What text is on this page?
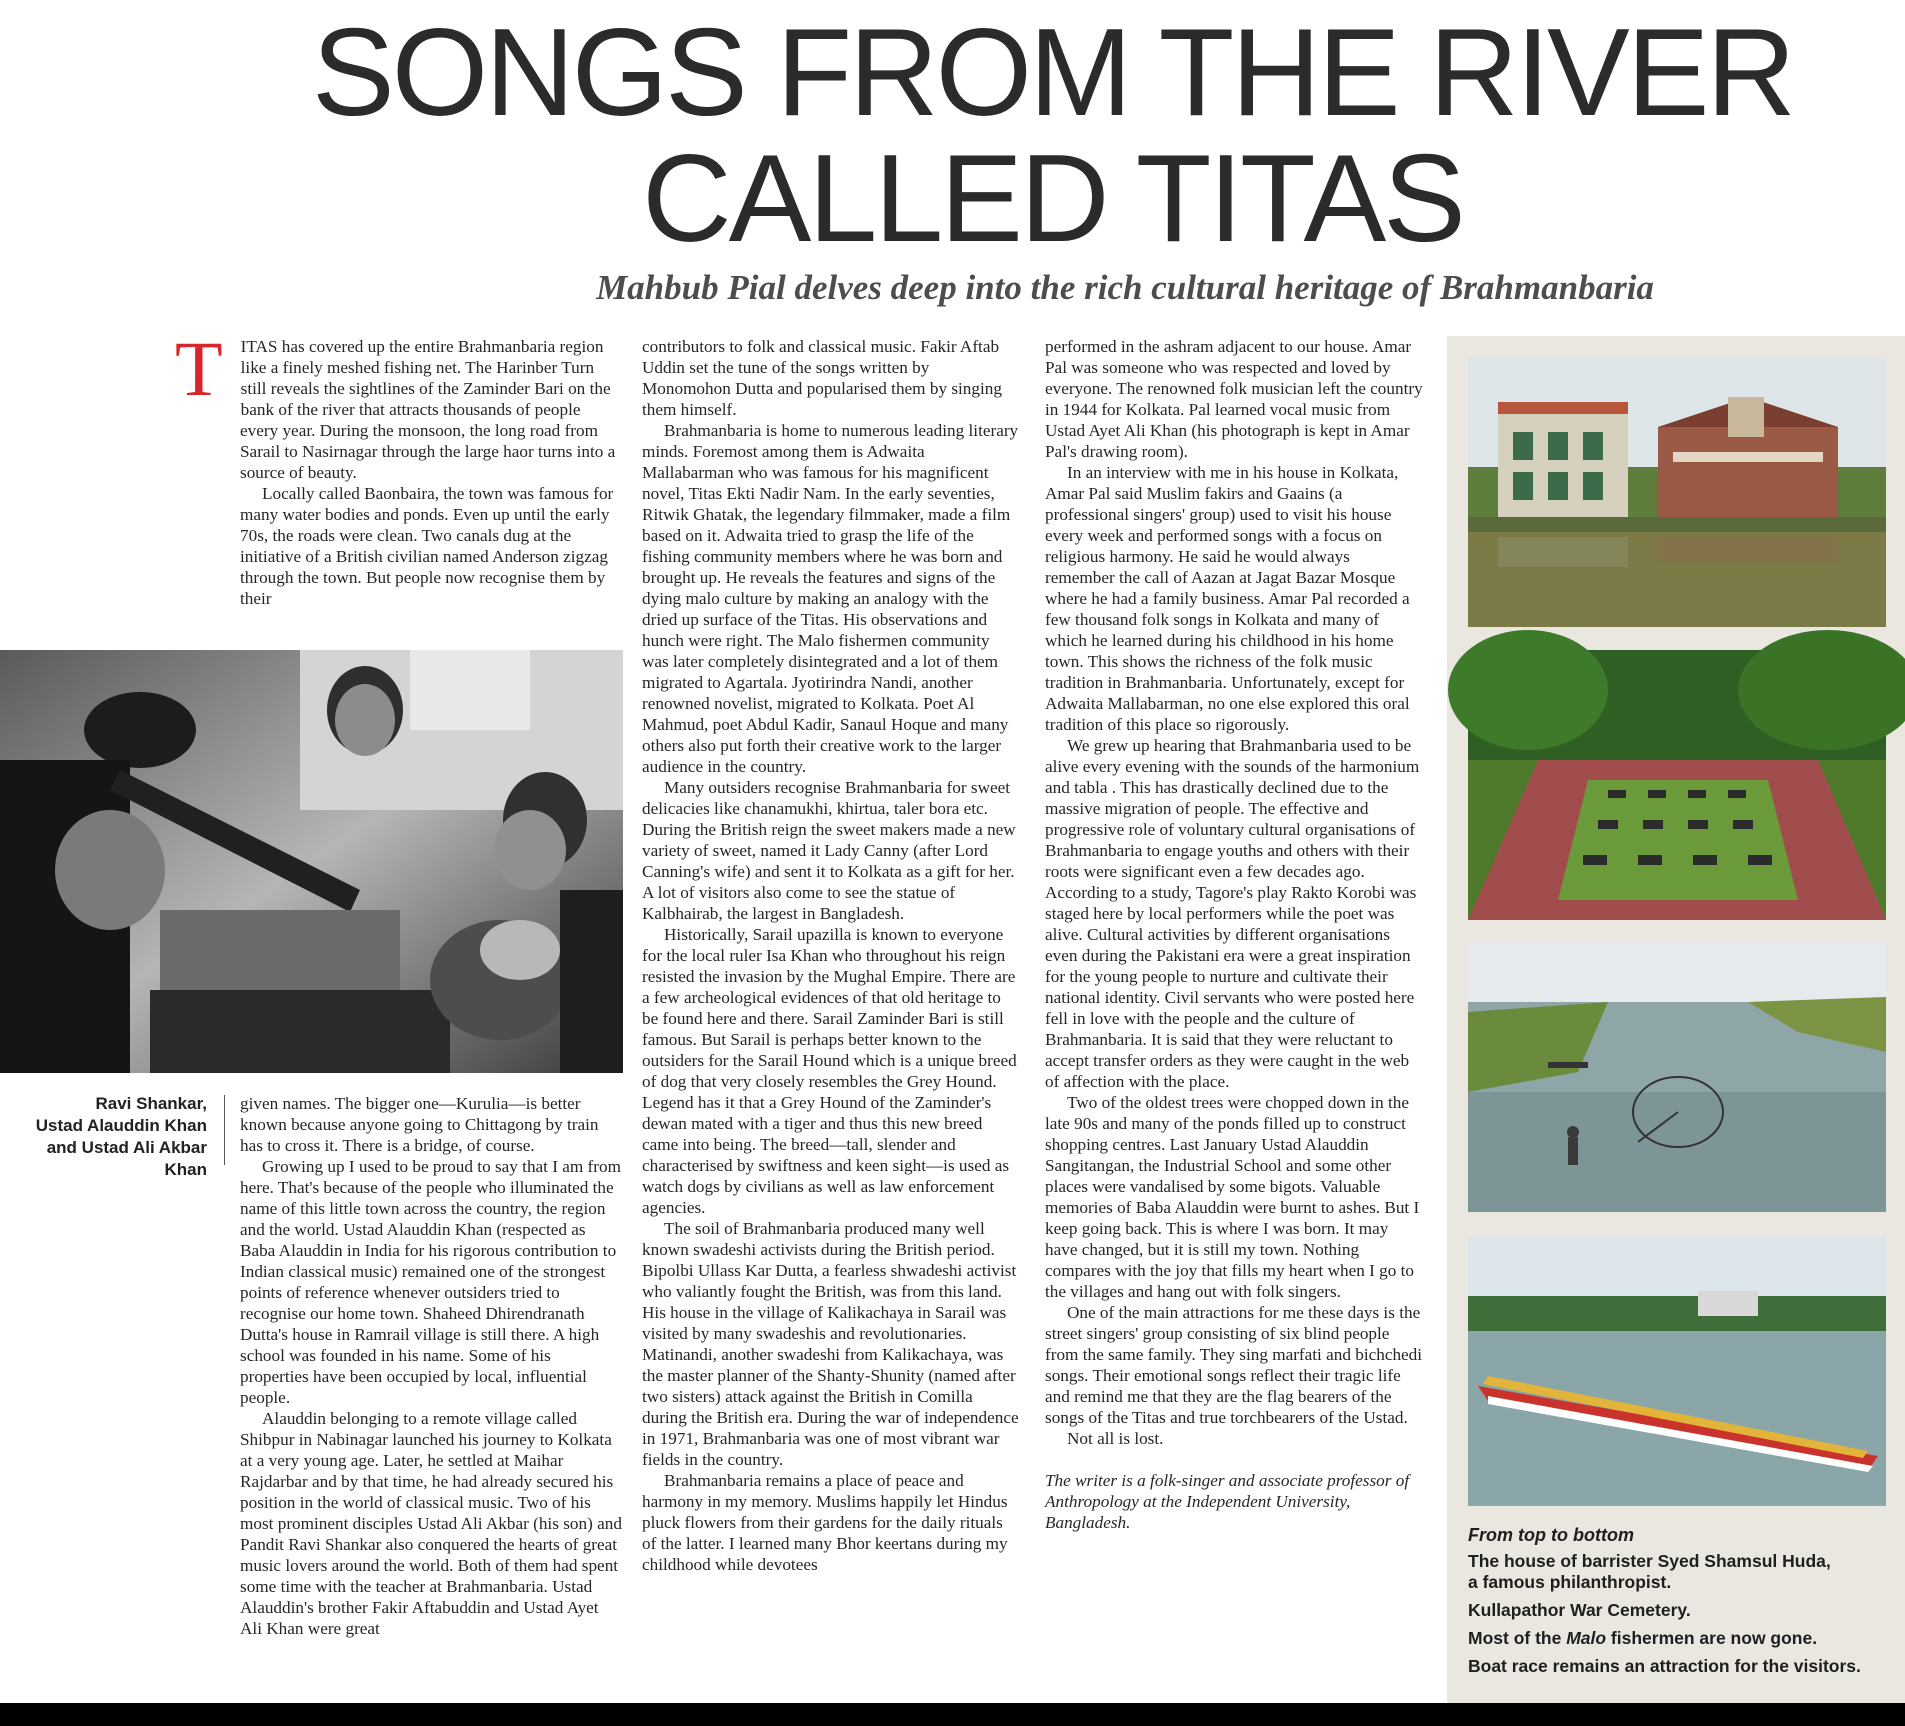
SONGS FROM THE RIVER
CALLED TITAS
Mahbub Pial delves deep into the rich cultural heritage of Brahmanbaria

T ITAS has covered up the entire Brahmanbaria region like a finely meshed fishing net. The Harinber Turn still reveals the sightlines of the Zaminder Bari on the bank of the river that attracts thousands of people every year. During the monsoon, the long road from Sarail to Nasirnagar through the large haor turns into a source of beauty.

Locally called Baonbaira, the town was famous for many water bodies and ponds. Even up until the early 70s, the roads were clean. Two canals dug at the initiative of a British civilian named Anderson zigzag through the town. But people now recognise them by their

Ravi Shankar,
Ustad Alauddin Khan
and Ustad Ali Akbar Khan

given names. The bigger one—Kurulia—is better known because anyone going to Chittagong by train has to cross it. There is a bridge, of course.

Growing up I used to be proud to say that I am from here. That's because of the people who illuminated the name of this little town across the country, the region and the world. Ustad Alauddin Khan (respected as Baba Alauddin in India for his rigorous contribution to Indian classical music) remained one of the strongest points of reference whenever outsiders tried to recognise our home town. Shaheed Dhirendranath Dutta's house in Ramrail village is still there. A high school was founded in his name. Some of his properties have been occupied by local, influential people.

Alauddin belonging to a remote village called Shibpur in Nabinagar launched his journey to Kolkata at a very young age. Later, he settled at Maihar Rajdarbar and by that time, he had already secured his position in the world of classical music. Two of his most prominent disciples Ustad Ali Akbar (his son) and Pandit Ravi Shankar also conquered the hearts of great music lovers around the world. Both of them had spent some time with the teacher at Brahmanbaria. Ustad Alauddin's brother Fakir Aftabuddin and Ustad Ayet Ali Khan were great

contributors to folk and classical music. Fakir Aftab Uddin set the tune of the songs written by Monomohon Dutta and popularised them by singing them himself.

Brahmanbaria is home to numerous leading literary minds. Foremost among them is Adwaita Mallabarman who was famous for his magnificent novel, Titas Ekti Nadir Nam. In the early seventies, Ritwik Ghatak, the legendary filmmaker, made a film based on it. Adwaita tried to grasp the life of the fishing community members where he was born and brought up. He reveals the features and signs of the dying malo culture by making an analogy with the dried up surface of the Titas. His observations and hunch were right. The Malo fishermen community was later completely disintegrated and a lot of them migrated to Agartala. Jyotirindra Nandi, another renowned novelist, migrated to Kolkata. Poet Al Mahmud, poet Abdul Kadir, Sanaul Hoque and many others also put forth their creative work to the larger audience in the country.

Many outsiders recognise Brahmanbaria for sweet delicacies like chanamukhi, khirtua, taler bora etc. During the British reign the sweet makers made a new variety of sweet, named it Lady Canny (after Lord Canning's wife) and sent it to Kolkata as a gift for her. A lot of visitors also come to see the statue of Kalbhairab, the largest in Bangladesh.

Historically, Sarail upazilla is known to everyone for the local ruler Isa Khan who throughout his reign resisted the invasion by the Mughal Empire. There are a few archeological evidences of that old heritage to be found here and there. Sarail Zaminder Bari is still famous. But Sarail is perhaps better known to the outsiders for the Sarail Hound which is a unique breed of dog that very closely resembles the Grey Hound. Legend has it that a Grey Hound of the Zaminder's dewan mated with a tiger and thus this new breed came into being. The breed—tall, slender and characterised by swiftness and keen sight—is used as watch dogs by civilians as well as law enforcement agencies.

The soil of Brahmanbaria produced many well known swadeshi activists during the British period. Bipolbi Ullass Kar Dutta, a fearless shwadeshi activist who valiantly fought the British, was from this land. His house in the village of Kalikachaya in Sarail was visited by many swadeshis and revolutionaries. Matinandi, another swadeshi from Kalikachaya, was the master planner of the Shanty-Shunity (named after two sisters) attack against the British in Comilla during the British era. During the war of independence in 1971, Brahmanbaria was one of most vibrant war fields in the country.

Brahmanbaria remains a place of peace and harmony in my memory. Muslims happily let Hindus pluck flowers from their gardens for the daily rituals of the latter. I learned many Bhor keertans during my childhood while devotees

performed in the ashram adjacent to our house. Amar Pal was someone who was respected and loved by everyone. The renowned folk musician left the country in 1944 for Kolkata. Pal learned vocal music from Ustad Ayet Ali Khan (his photograph is kept in Amar Pal's drawing room).

In an interview with me in his house in Kolkata, Amar Pal said Muslim fakirs and Gaains (a professional singers' group) used to visit his house every week and performed songs with a focus on religious harmony. He said he would always remember the call of Aazan at Jagat Bazar Mosque where he had a family business. Amar Pal recorded a few thousand folk songs in Kolkata and many of which he learned during his childhood in his home town. This shows the richness of the folk music tradition in Brahmanbaria. Unfortunately, except for Adwaita Mallabarman, no one else explored this oral tradition of this place so rigorously.

We grew up hearing that Brahmanbaria used to be alive every evening with the sounds of the harmonium and tabla . This has drastically declined due to the massive migration of people. The effective and progressive role of voluntary cultural organisations of Brahmanbaria to engage youths and others with their roots were significant even a few decades ago. According to a study, Tagore's play Rakto Korobi was staged here by local performers while the poet was alive. Cultural activities by different organisations even during the Pakistani era were a great inspiration for the young people to nurture and cultivate their national identity. Civil servants who were posted here fell in love with the people and the culture of Brahmanbaria. It is said that they were reluctant to accept transfer orders as they were caught in the web of affection with the place.

Two of the oldest trees were chopped down in the late 90s and many of the ponds filled up to construct shopping centres. Last January Ustad Alauddin Sangitangan, the Industrial School and some other places were vandalised by some bigots. Valuable memories of Baba Alauddin were burnt to ashes. But I keep going back. This is where I was born. It may have changed, but it is still my town. Nothing compares with the joy that fills my heart when I go to the villages and hang out with folk singers.

One of the main attractions for me these days is the street singers' group consisting of six blind people from the same family. They sing marfati and bichchedi songs. Their emotional songs reflect their tragic life and remind me that they are the flag bearers of the songs of the Titas and true torchbearers of the Ustad.

Not all is lost.

The writer is a folk-singer and associate professor of Anthropology at the Independent University, Bangladesh.

From top to bottom
The house of barrister Syed Shamsul Huda,
a famous philanthropist.
Kullapathor War Cemetery.
Most of the Malo fishermen are now gone.
Boat race remains an attraction for the visitors.
